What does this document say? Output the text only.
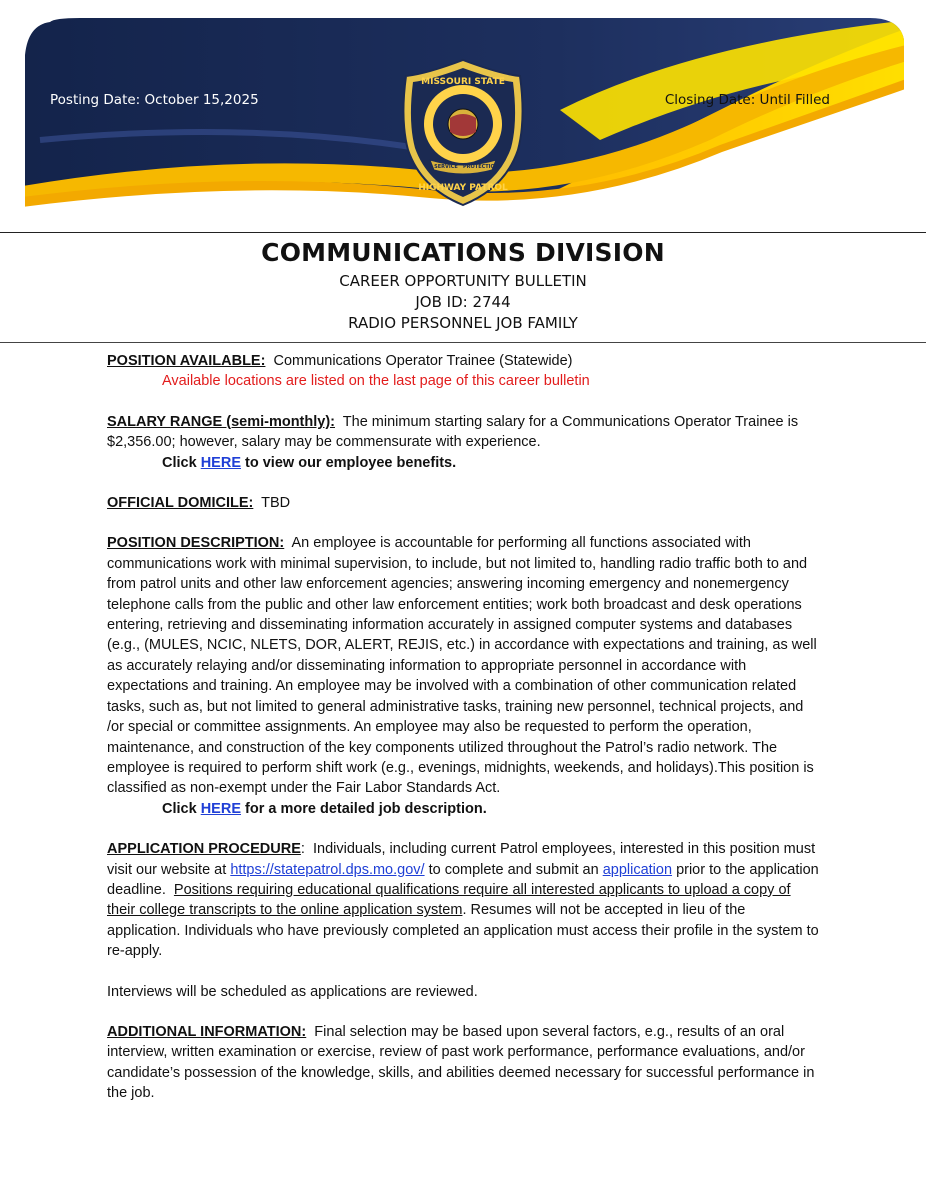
MISSOURI STATE
HIGHWAY PATROL
SERVICE PROTECTION
Posting Date: October 15,2025	Closing Date: Until Filled
COMMUNICATIONS DIVISION
CAREER OPPORTUNITY BULLETIN
JOB ID: 2744
RADIO PERSONNEL JOB FAMILY
POSITION AVAILABLE: Communications Operator Trainee (Statewide)
Available locations are listed on the last page of this career bulletin
SALARY RANGE (semi-monthly): The minimum starting salary for a Communications Operator Trainee is $2,356.00; however, salary may be commensurate with experience.
Click HERE to view our employee benefits.
OFFICIAL DOMICILE: TBD
POSITION DESCRIPTION: An employee is accountable for performing all functions associated with communications work with minimal supervision, to include, but not limited to, handling radio traffic both to and from patrol units and other law enforcement agencies; answering incoming emergency and nonemergency telephone calls from the public and other law enforcement entities; work both broadcast and desk operations entering, retrieving and disseminating information accurately in assigned computer systems and databases (e.g., (MULES, NCIC, NLETS, DOR, ALERT, REJIS, etc.) in accordance with expectations and training, as well as accurately relaying and/or disseminating information to appropriate personnel in accordance with expectations and training. An employee may be involved with a combination of other communication related tasks, such as, but not limited to general administrative tasks, training new personnel, technical projects, and /or special or committee assignments. An employee may also be requested to perform the operation, maintenance, and construction of the key components utilized throughout the Patrol’s radio network. The employee is required to perform shift work (e.g., evenings, midnights, weekends, and holidays).This position is classified as non-exempt under the Fair Labor Standards Act.
Click HERE for a more detailed job description.
APPLICATION PROCEDURE: Individuals, including current Patrol employees, interested in this position must visit our website at https://statepatrol.dps.mo.gov/ to complete and submit an application prior to the application deadline. Positions requiring educational qualifications require all interested applicants to upload a copy of their college transcripts to the online application system. Resumes will not be accepted in lieu of the application. Individuals who have previously completed an application must access their profile in the system to re-apply.
Interviews will be scheduled as applications are reviewed.
ADDITIONAL INFORMATION: Final selection may be based upon several factors, e.g., results of an oral interview, written examination or exercise, review of past work performance, performance evaluations, and/or candidate’s possession of the knowledge, skills, and abilities deemed necessary for successful performance in the job.
